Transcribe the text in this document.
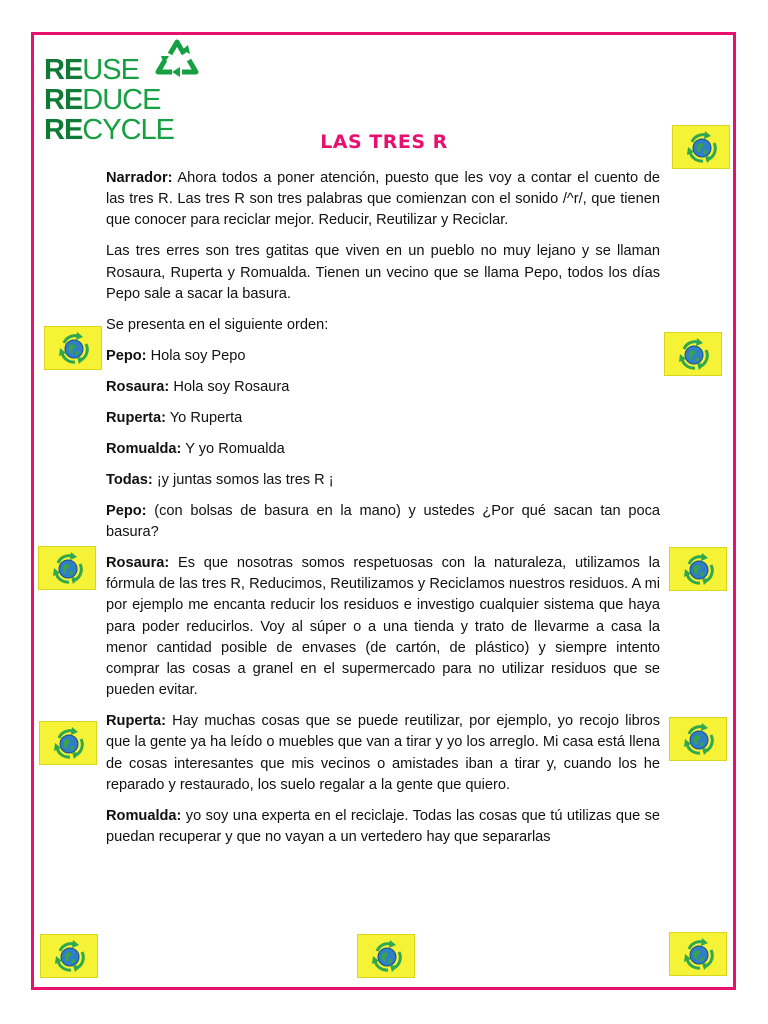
REUSE
REDUCE
RECYCLE	LAS TRES R

Narrador: Ahora todos a poner atención, puesto que les voy a contar el cuento de las tres R. Las tres R son tres palabras que comienzan con el sonido /^r/, que tienen que conocer para reciclar mejor. Reducir, Reutilizar y Reciclar.

Las tres erres son tres gatitas que viven en un pueblo no muy lejano y se llaman Rosaura, Ruperta y Romualda. Tienen un vecino que se llama Pepo, todos los días Pepo sale a sacar la basura.

Se presenta en el siguiente orden:

Pepo: Hola soy Pepo

Rosaura: Hola soy Rosaura

Ruperta: Yo Ruperta

Romualda: Y yo Romualda

Todas: ¡y juntas somos las tres R ¡

Pepo: (con bolsas de basura en la mano) y ustedes ¿Por qué sacan tan poca basura?

Rosaura: Es que nosotras somos respetuosas con la naturaleza, utilizamos la fórmula de las tres R, Reducimos, Reutilizamos y Reciclamos nuestros residuos. A mi por ejemplo me encanta reducir los residuos e investigo cualquier sistema que haya para poder reducirlos. Voy al súper o a una tienda y trato de llevarme a casa la menor cantidad posible de envases (de cartón, de plástico) y siempre intento comprar las cosas a granel en el supermercado para no utilizar residuos que se pueden evitar.

Ruperta: Hay muchas cosas que se puede reutilizar, por ejemplo, yo recojo libros que la gente ya ha leído o muebles que van a tirar y yo los arreglo. Mi casa está llena de cosas interesantes que mis vecinos o amistades iban a tirar y, cuando los he reparado y restaurado, los suelo regalar a la gente que quiero.

Romualda: yo soy una experta en el reciclaje. Todas las cosas que tú utilizas que se puedan recuperar y que no vayan a un vertedero hay que separarlas
